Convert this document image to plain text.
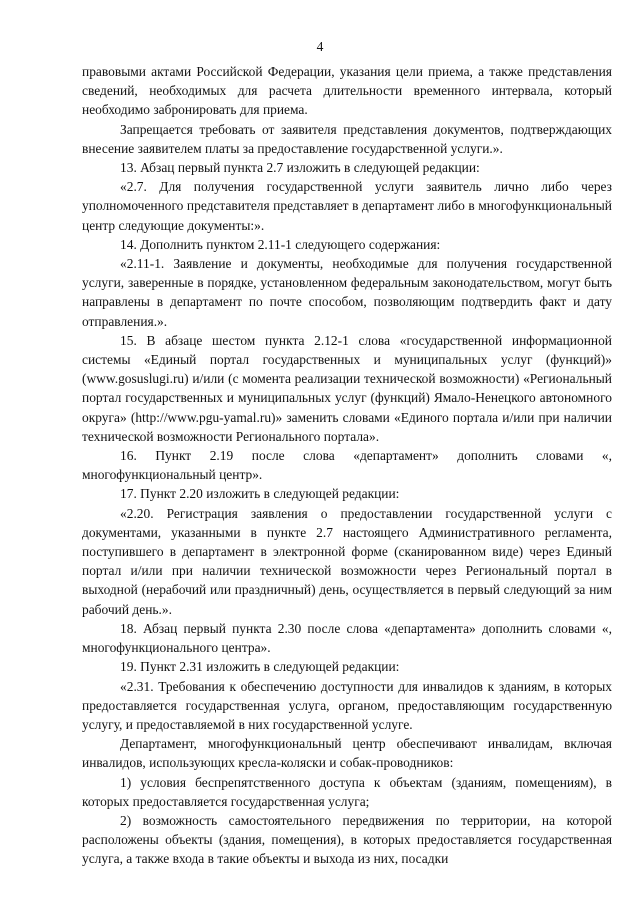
4

правовыми актами Российской Федерации, указания цели приема, а также представления сведений, необходимых для расчета длительности временного интервала, который необходимо забронировать для приема.

Запрещается требовать от заявителя представления документов, подтверждающих внесение заявителем платы за предоставление государственной услуги.».

13. Абзац первый пункта 2.7 изложить в следующей редакции:

«2.7. Для получения государственной услуги заявитель лично либо через уполномоченного представителя представляет в департамент либо в многофункциональный центр следующие документы:».

14. Дополнить пунктом 2.11-1 следующего содержания:

«2.11-1. Заявление и документы, необходимые для получения государственной услуги, заверенные в порядке, установленном федеральным законодательством, могут быть направлены в департамент по почте способом, позволяющим подтвердить факт и дату отправления.».

15. В абзаце шестом пункта 2.12-1 слова «государственной информационной системы «Единый портал государственных и муниципальных услуг (функций)» (www.gosuslugi.ru) и/или (с момента реализации технической возможности) «Региональный портал государственных и муниципальных услуг (функций) Ямало-Ненецкого автономного округа» (http://www.pgu-yamal.ru)» заменить словами «Единого портала и/или при наличии технической возможности Регионального портала».

16. Пункт 2.19 после слова «департамент» дополнить словами «, многофункциональный центр».

17. Пункт 2.20 изложить в следующей редакции:

«2.20. Регистрация заявления о предоставлении государственной услуги с документами, указанными в пункте 2.7 настоящего Административного регламента, поступившего в департамент в электронной форме (сканированном виде) через Единый портал и/или при наличии технической возможности через Региональный портал в выходной (нерабочий или праздничный) день, осуществляется в первый следующий за ним рабочий день.».

18. Абзац первый пункта 2.30 после слова «департамента» дополнить словами «, многофункционального центра».

19. Пункт 2.31 изложить в следующей редакции:

«2.31. Требования к обеспечению доступности для инвалидов к зданиям, в которых предоставляется государственная услуга, органом, предоставляющим государственную услугу, и предоставляемой в них государственной услуге.

Департамент, многофункциональный центр обеспечивают инвалидам, включая инвалидов, использующих кресла-коляски и собак-проводников:

1) условия беспрепятственного доступа к объектам (зданиям, помещениям), в которых предоставляется государственная услуга;

2) возможность самостоятельного передвижения по территории, на которой расположены объекты (здания, помещения), в которых предоставляется государственная услуга, а также входа в такие объекты и выхода из них, посадки
